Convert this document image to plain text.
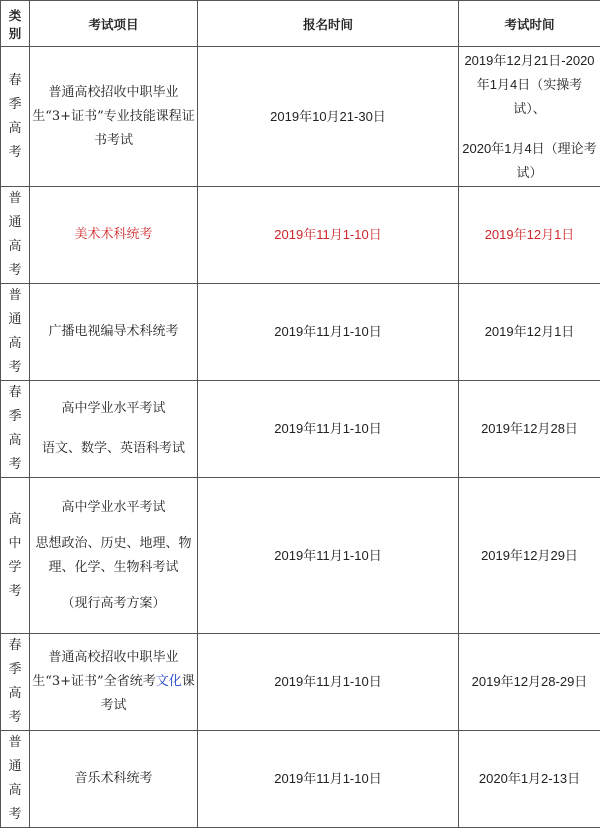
类别	考试项目	报名时间	考试时间
春季高考	普通高校招收中职毕业生“3+证书”专业技能课程证书考试	2019年10月21-30日	2019年12月21日-2020年1月4日（实操考试）、

2020年1月4日（理论考试）

普通高考	美术术科统考	2019年11月1-10日	2019年12月1日
普通高考	广播电视编导术科统考	2019年11月1-10日	2019年12月1日
春季高考	高中学业水平考试

语文、数学、英语科考试	2019年11月1-10日	2019年12月28日
高中学考	高中学业水平考试

思想政治、历史、地理、物理、化学、生物科考试

（现行高考方案）	2019年11月1-10日	2019年12月29日
春季高考	普通高校招收中职毕业生“3+证书”全省统考文化课考试	2019年11月1-10日	2019年12月28-29日
普通高考	音乐术科统考	2019年11月1-10日	2020年1月2-13日
